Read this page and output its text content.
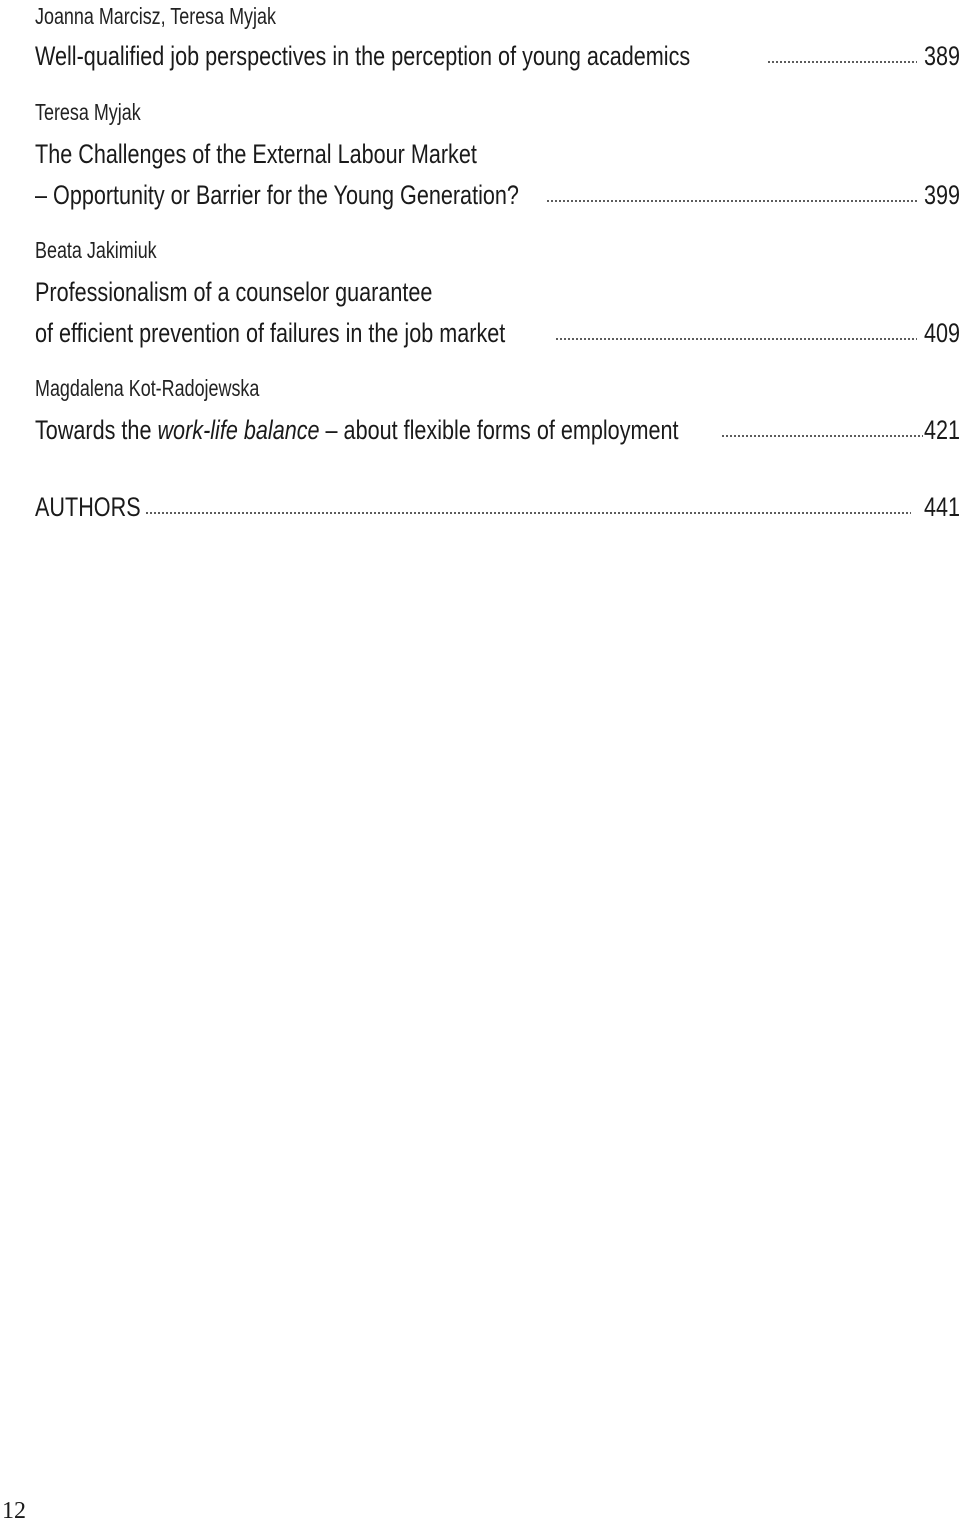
Joanna Marcisz, Teresa Myjak
Well-qualified job perspectives in the perception of young academics	389
Teresa Myjak
The Challenges of the External Labour Market
– Opportunity or Barrier for the Young Generation?	399
Beata Jakimiuk
Professionalism of a counselor guarantee
of efficient prevention of failures in the job market	409
Magdalena Kot-Radojewska
Towards the work-life balance – about flexible forms of employment	421
AUTHORS	441
12
